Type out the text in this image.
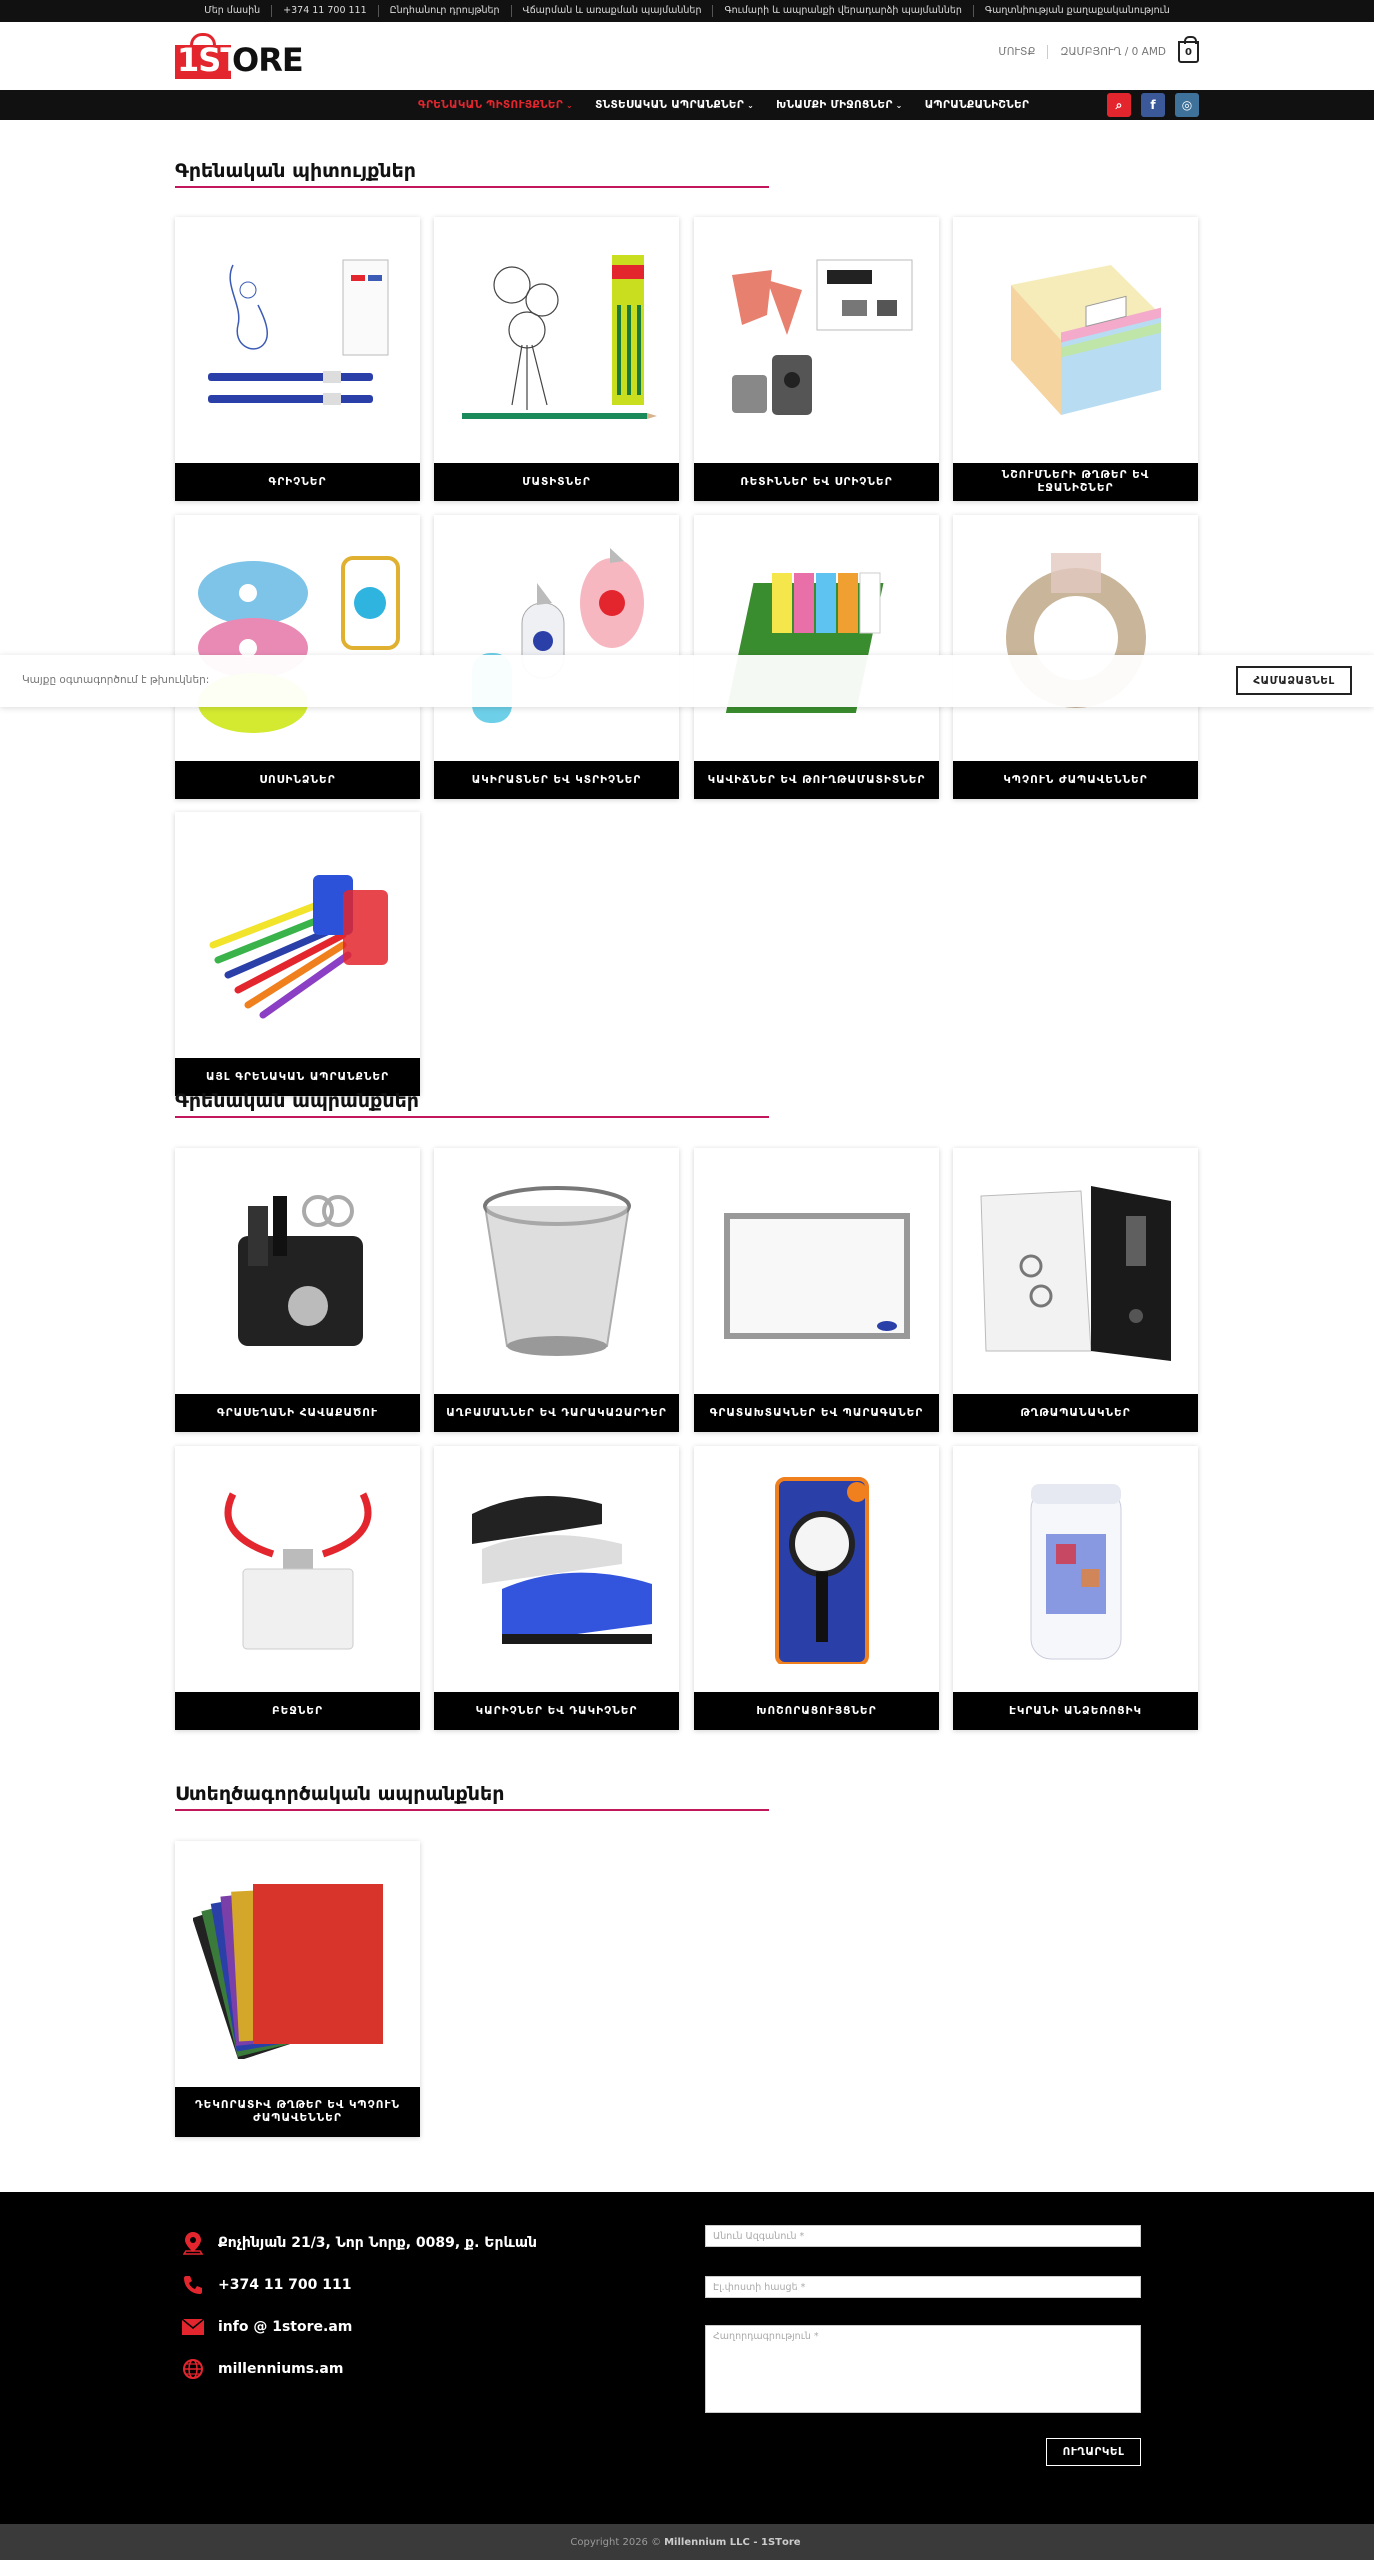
Մեր մասին	+374 11 700 111	Ընդհանուր դրույթներ	Վճարման և առաքման պայմաններ	Գումարի և ապրանքի վերադարձի պայմաններ	Գաղտնիության քաղաքականություն
1ST
ORE	ՄՈՒՏՔ ԶԱՄԲՅՈՒՂ / 0 AMD 0
ԳՐԵՆԱԿԱՆ ՊԻՏՈՒՅՔՆԵՐ ⌄ ՏՆՏԵՍԱԿԱՆ ԱՊՐԱՆՔՆԵՐ ⌄ ԽՆԱՄՔԻ ՄԻՋՈՑՆԵՐ ⌄ ԱՊՐԱՆՔԱՆԻՇՆԵՐ	⌕	f	◎
Գրենական պիտույքներ
ԳՐԻՉՆԵՐ	ՄԱՏԻՏՆԵՐ	ՌԵՏԻՆՆԵՐ ԵՎ ՍՐԻՉՆԵՐ
ՆՇՈՒՄՆԵՐԻ ԹՂԹԵՐ ԵՎ ԷՋԱՆԻՇՆԵՐ
ՍՈՍԻՆՁՆԵՐ	ԱԿԻՐԱՏՆԵՐ ԵՎ ԿՏՐԻՉՆԵՐ	ԿԱՎԻՃՆԵՐ ԵՎ ԹՈՒՂԹԱՄԱՏԻՏՆԵՐ	ԿՊՉՈՒՆ ԺԱՊԱՎԵՆՆԵՐ
ԱՅԼ ԳՐԵՆԱԿԱՆ ԱՊՐԱՆՔՆԵՐ
Գրենական ապրանքներ
ԳՐԱՍԵՂԱՆԻ ՀԱՎԱՔԱԾՈՒ	ԱՂԲԱՄԱՆՆԵՐ ԵՎ ԴԱՐԱԿԱԶԱՐԴԵՐ	ԳՐԱՏԱԽՏԱԿՆԵՐ ԵՎ ՊԱՐԱԳԱՆԵՐ	ԹՂԹԱՊԱՆԱԿՆԵՐ
ԲԵՋՆԵՐ	ԿԱՐԻՉՆԵՐ ԵՎ ԴԱԿԻՉՆԵՐ	ԽՈՇՈՐԱՑՈՒՅՑՆԵՐ	ԷԿՐԱՆԻ ԱՆՁԵՌՈՑԻԿ
Ստեղծագործական ապրանքներ
ԴԵԿՈՐԱՏԻՎ ԹՂԹԵՐ ԵՎ ԿՊՉՈՒՆ ԺԱՊԱՎԵՆՆԵՐ
Կայքը օգտագործում է թխուկներ:	ՀԱՄԱՁԱՅՆԵԼ
Քոչինյան 21/3, Նոր Նորք, 0089, ք. Երևան
+374 11 700 111
info @ 1store.am
millenniums.am
Անուն Ազգանուն *
Էլ.փոստի հասցե *
Հաղորդագրություն *
ՈՒՂԱՐԿԵԼ
Copyright 2026 © Millennium LLC - 1SТore
